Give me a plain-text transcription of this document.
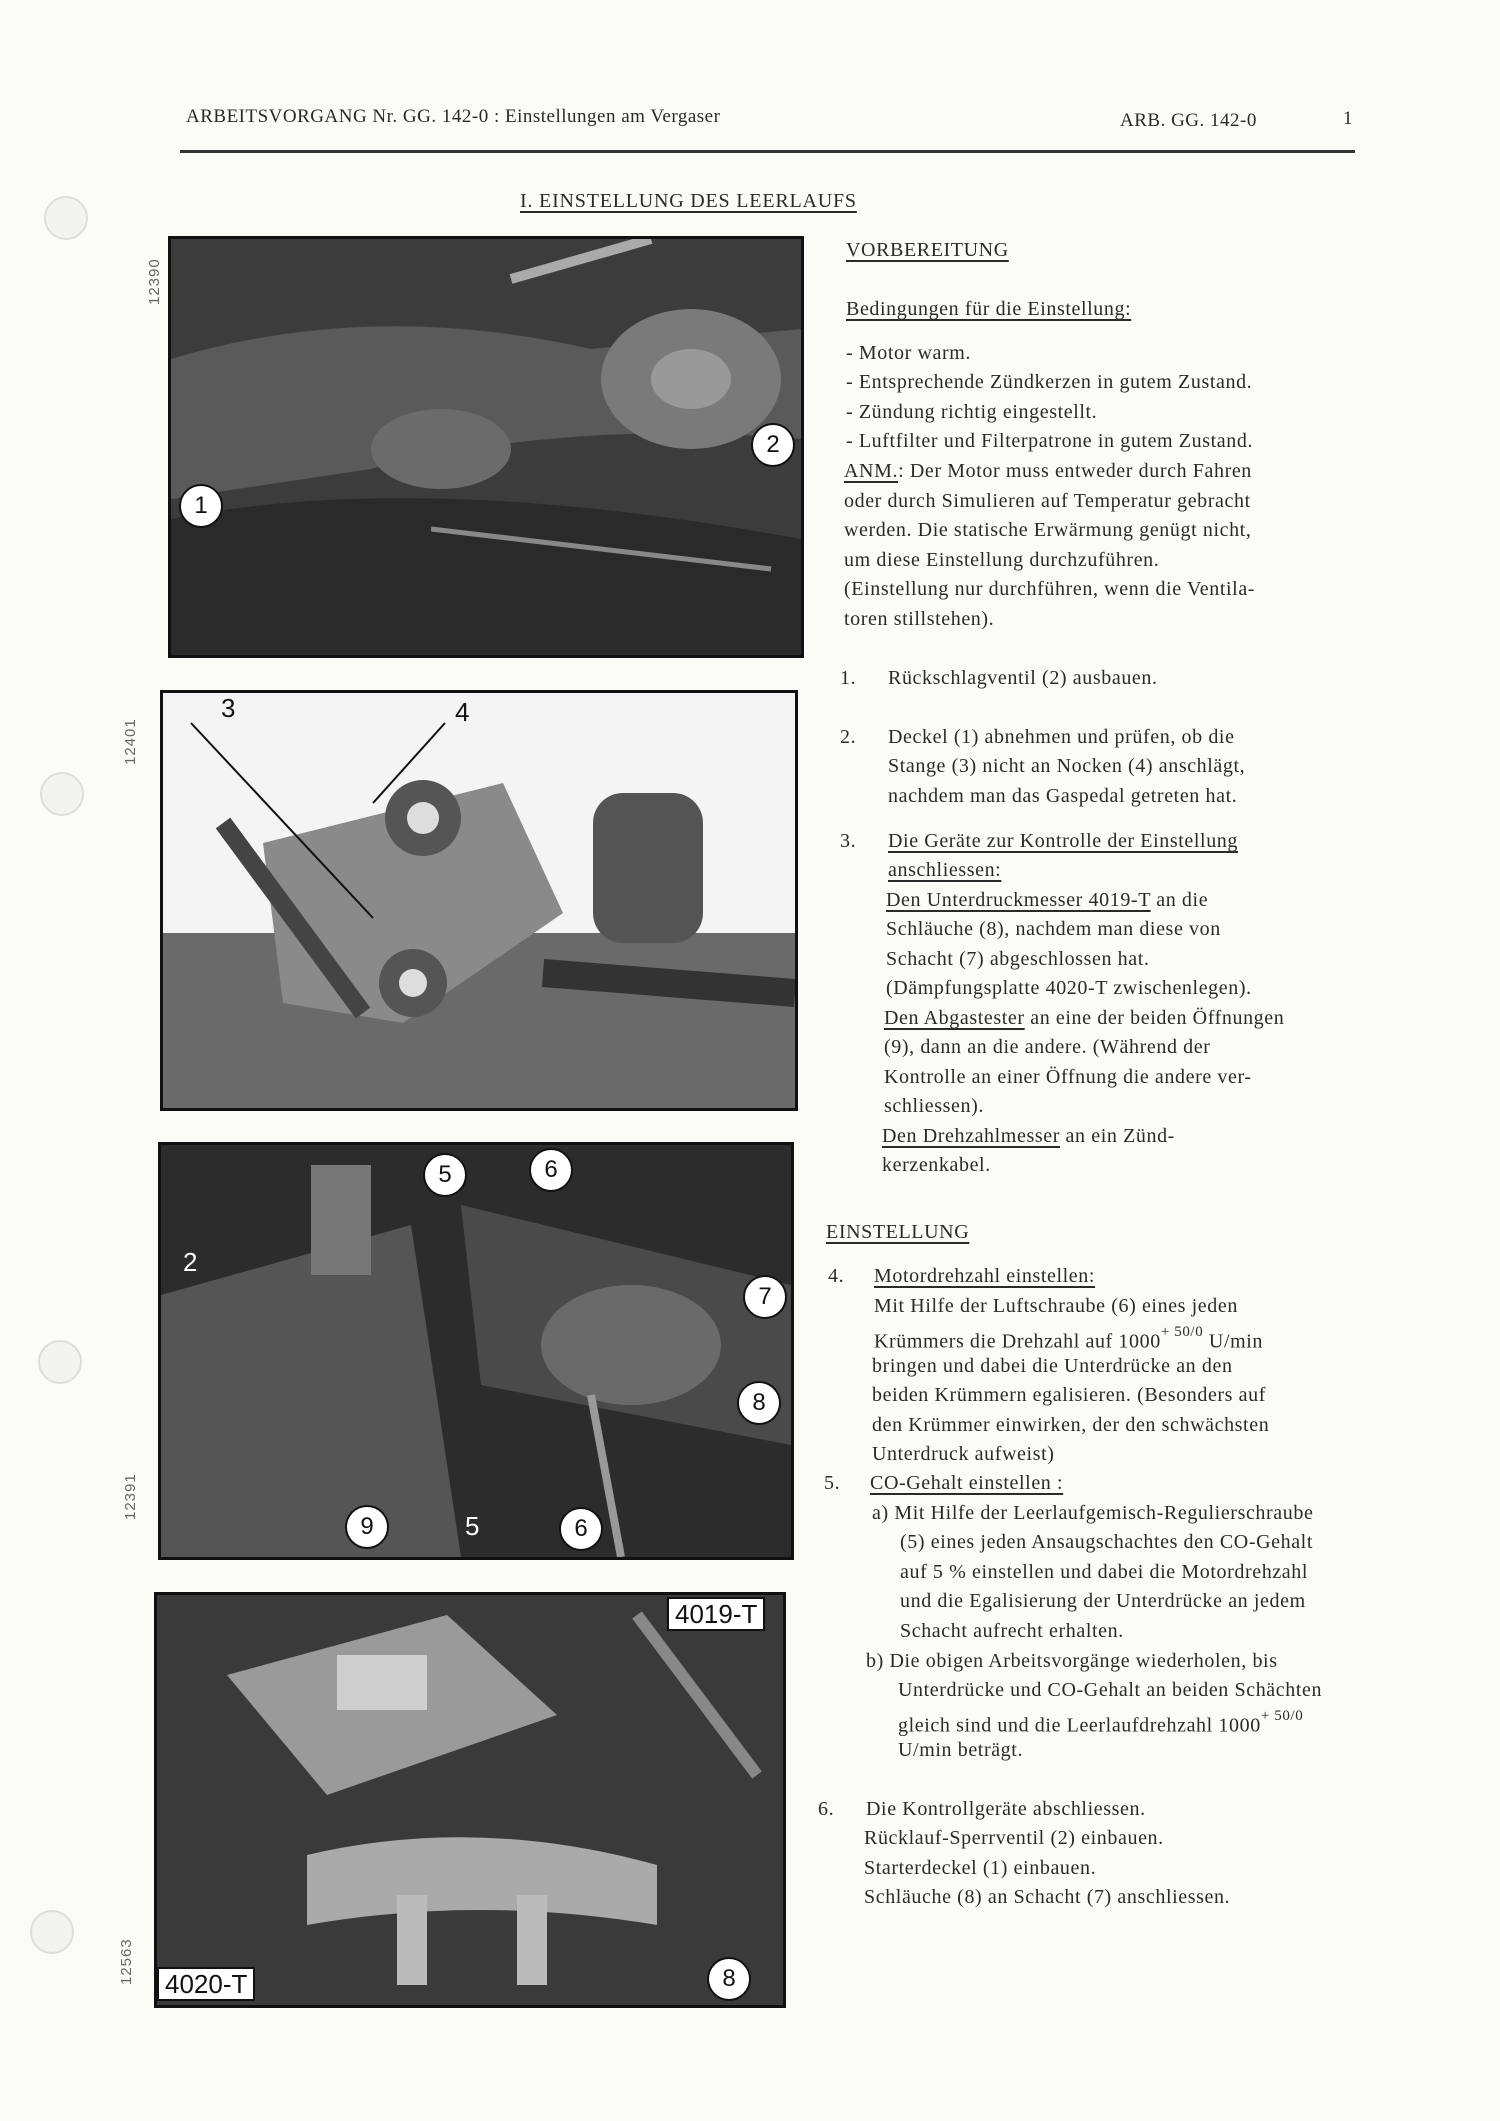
ARBEITSVORGANG Nr. GG. 142-0 : Einstellungen am Vergaser	ARB. GG. 142-0	1
I. EINSTELLUNG DES LEERLAUFS
12390
12401
12391
12563
1
2
3	4
5	6
2
7
8
9	5	6
4019-T
4020-T	8
VORBEREITUNG
Bedingungen für die Einstellung:
- Motor warm.
- Entsprechende Zündkerzen in gutem Zustand.
- Zündung richtig eingestellt.
- Luftfilter und Filterpatrone in gutem Zustand.
ANM.: Der Motor muss entweder durch Fahren
oder durch Simulieren auf Temperatur gebracht
werden. Die statische Erwärmung genügt nicht,
um diese Einstellung durchzuführen.
(Einstellung nur durchführen, wenn die Ventila-
toren stillstehen).
1. Rückschlagventil (2) ausbauen.
2. Deckel (1) abnehmen und prüfen, ob die
Stange (3) nicht an Nocken (4) anschlägt,
nachdem man das Gaspedal getreten hat.
3. Die Geräte zur Kontrolle der Einstellung
anschliessen:
Den Unterdruckmesser 4019-T an die
Schläuche (8), nachdem man diese von
Schacht (7) abgeschlossen hat.
(Dämpfungsplatte 4020-T zwischenlegen).
Den Abgastester an eine der beiden Öffnungen
(9), dann an die andere. (Während der
Kontrolle an einer Öffnung die andere ver-
schliessen).
Den Drehzahlmesser an ein Zünd-
kerzenkabel.
EINSTELLUNG
4. Motordrehzahl einstellen:
Mit Hilfe der Luftschraube (6) eines jeden
Krümmers die Drehzahl auf $1000^{+ 50/0}$ U/min
bringen und dabei die Unterdrücke an den
beiden Krümmern egalisieren. (Besonders auf
den Krümmer einwirken, der den schwächsten
Unterdruck aufweist)
5. CO-Gehalt einstellen :
a) Mit Hilfe der Leerlaufgemisch-Regulierschraube
(5) eines jeden Ansaugschachtes den CO-Gehalt
auf 5 % einstellen und dabei die Motordrehzahl
und die Egalisierung der Unterdrücke an jedem
Schacht aufrecht erhalten.
b) Die obigen Arbeitsvorgänge wiederholen, bis
Unterdrücke und CO-Gehalt an beiden Schächten
gleich sind und die Leerlaufdrehzahl $1000^{+ 50/0}$
U/min beträgt.
6. Die Kontrollgeräte abschliessen.
Rücklauf-Sperrventil (2) einbauen.
Starterdeckel (1) einbauen.
Schläuche (8) an Schacht (7) anschliessen.
